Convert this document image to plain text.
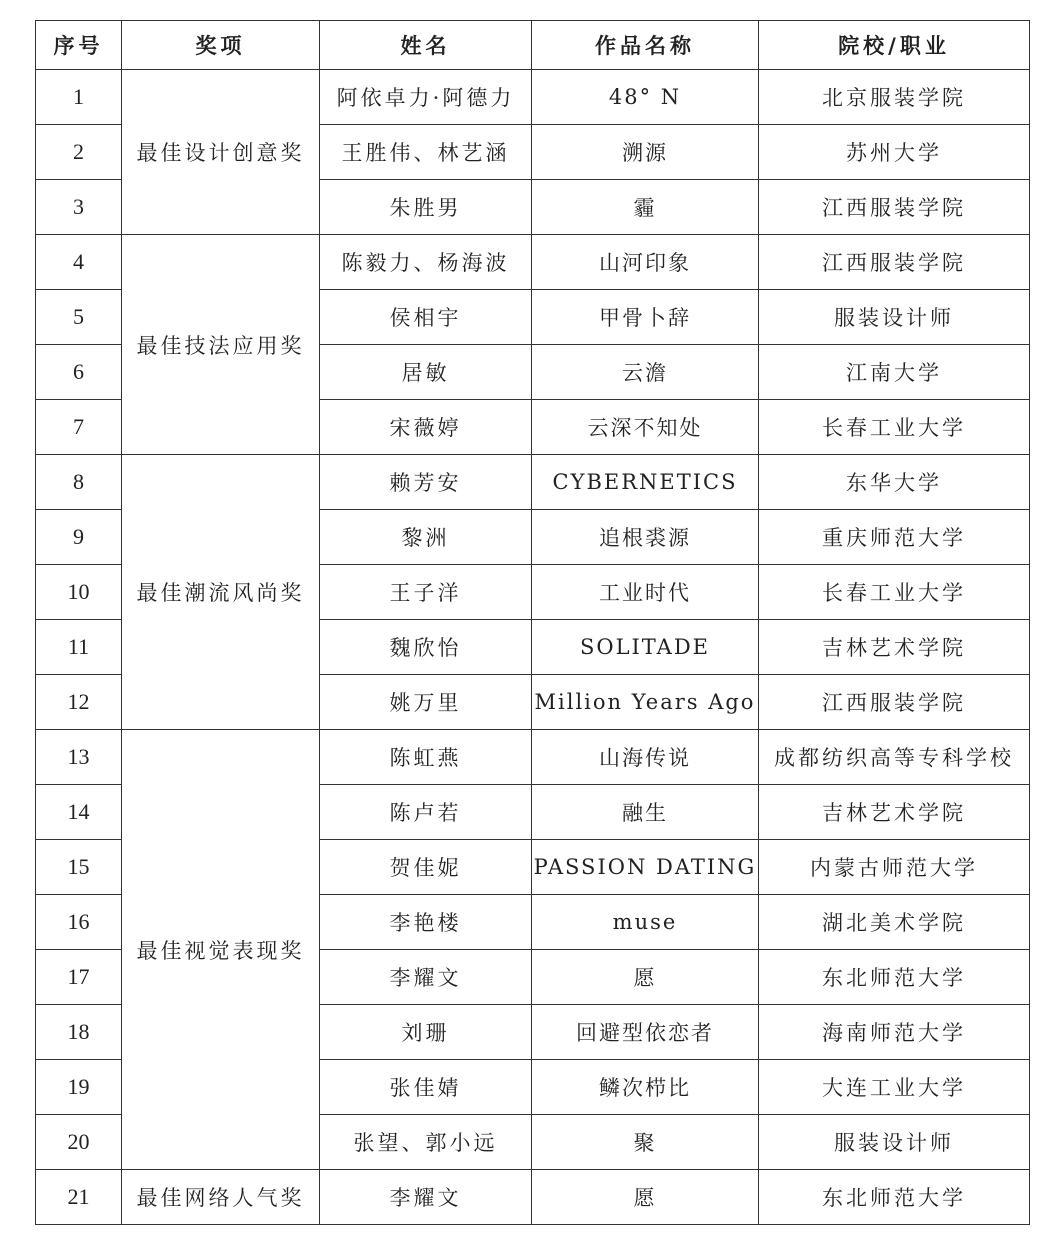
序号	奖项	姓名	作品名称	院校/职业
1	最佳设计创意奖	阿依卓力·阿德力	48° N	北京服装学院
2		王胜伟、林艺涵	溯源	苏州大学
3		朱胜男	霾	江西服装学院
4	最佳技法应用奖	陈毅力、杨海波	山河印象	江西服装学院
5		侯相宇	甲骨卜辞	服装设计师
6		居敏	云澹	江南大学
7		宋薇婷	云深不知处	长春工业大学
8	最佳潮流风尚奖	赖芳安	CYBERNETICS	东华大学
9		黎洲	追根裘源	重庆师范大学
10		王子洋	工业时代	长春工业大学
11		魏欣怡	SOLITADE	吉林艺术学院
12		姚万里	Million Years Ago	江西服装学院
13	最佳视觉表现奖	陈虹燕	山海传说	成都纺织高等专科学校
14		陈卢若	融生	吉林艺术学院
15		贺佳妮	PASSION DATING	内蒙古师范大学
16		李艳楼	muse	湖北美术学院
17		李耀文	愿	东北师范大学
18		刘珊	回避型依恋者	海南师范大学
19		张佳婧	鳞次栉比	大连工业大学
20		张望、郭小远	聚	服装设计师
21	最佳网络人气奖	李耀文	愿	东北师范大学
